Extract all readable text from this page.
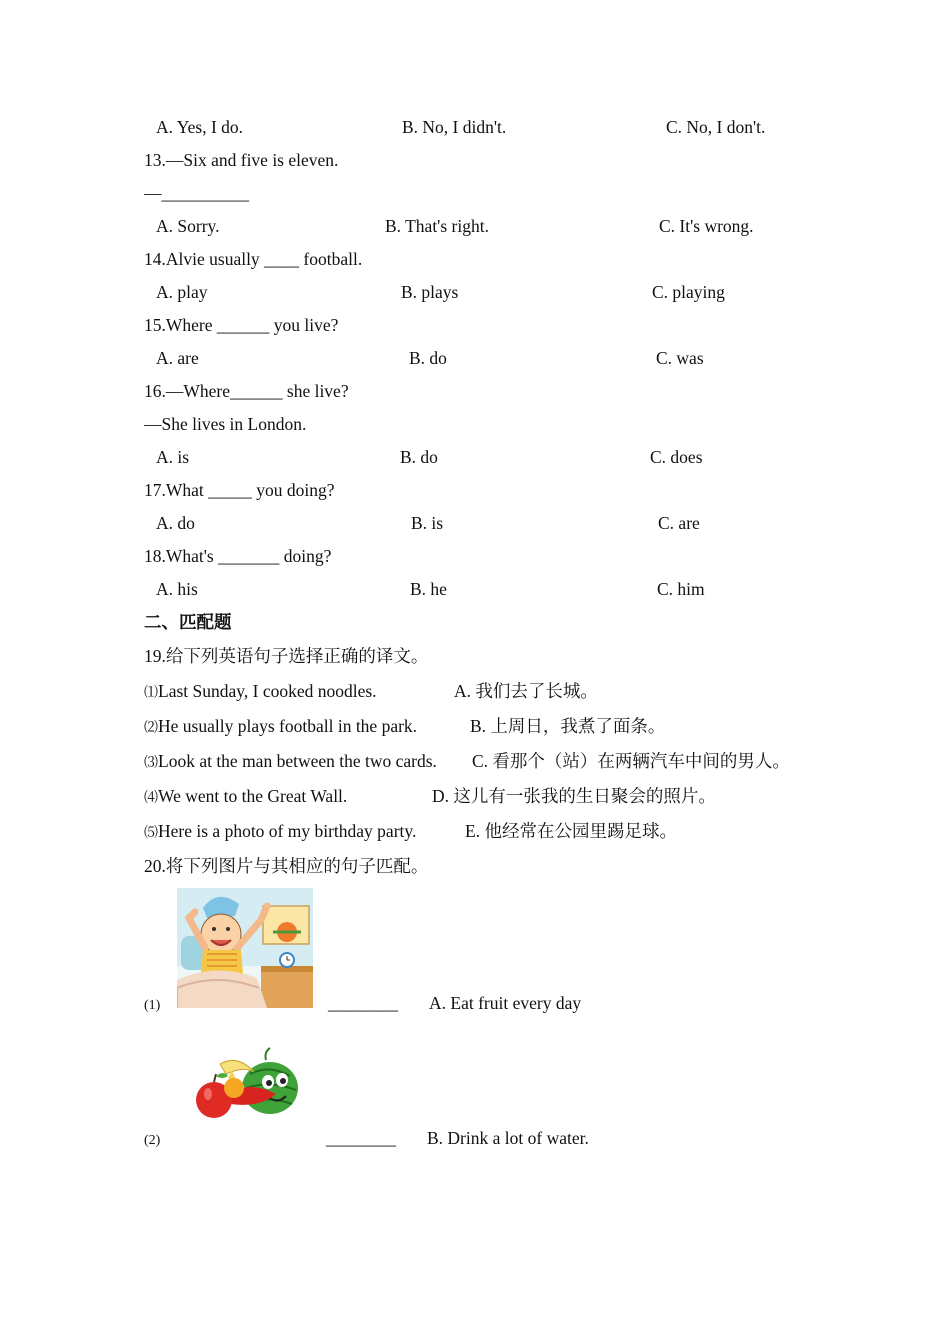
A. Yes, I do.	B. No, I didn't.	C. No, I don't.
13.—Six and five is eleven.
—__________
A. Sorry.	B. That's right.	C. It's wrong.
14.Alvie usually ____ football.
A. play	B. plays	C. playing
15.Where ______ you live?
A. are	B. do	C. was
16.—Where______ she live?
—She lives in London.
A. is	B. do	C. does
17.What _____ you doing?
A. do	B. is	C. are
18.What's _______ doing?
A. his	B. he	C. him
二、匹配题
19.给下列英语句子选择正确的译文。
⑴Last Sunday, I cooked noodles.	A. 我们去了长城。
⑵He usually plays football in the park.	B. 上周日，我煮了面条。
⑶Look at the man between the two cards. C. 看那个（站）在两辆汽车中间的男人。
⑷We went to the Great Wall.	D. 这儿有一张我的生日聚会的照片。
⑸Here is a photo of my birthday party.	E. 他经常在公园里踢足球。
20.将下列图片与其相应的句子匹配。
(1)	________ A. Eat fruit every day
(2)	________ B. Drink a lot of water.
